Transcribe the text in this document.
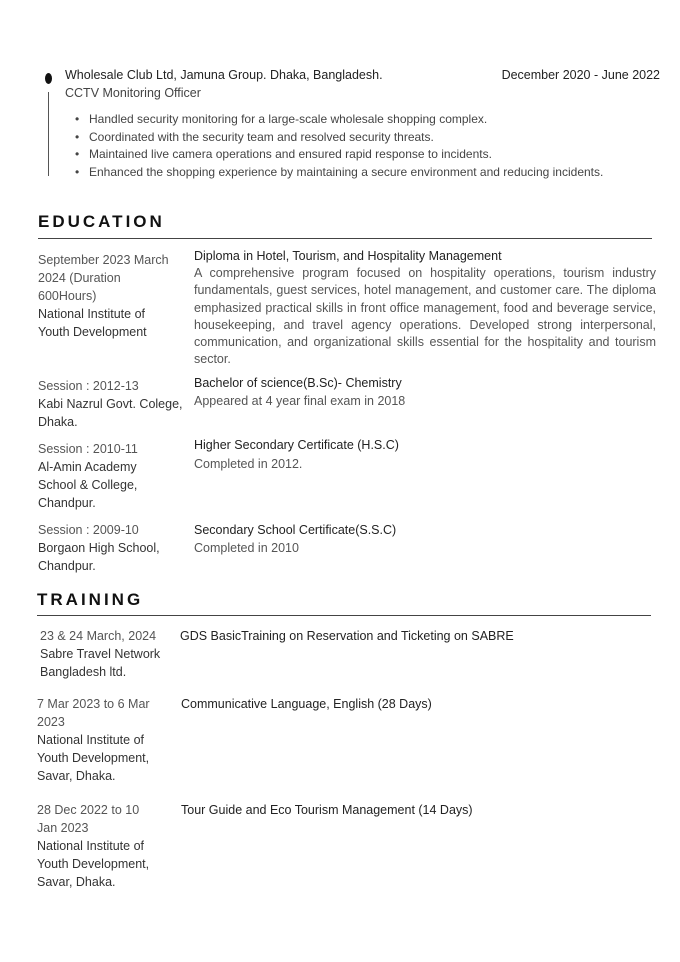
Wholesale Club Ltd, Jamuna Group. Dhaka, Bangladesh.	December 2020 - June 2022
CCTV Monitoring Officer
• Handled security monitoring for a large-scale wholesale shopping complex.
• Coordinated with the security team and resolved security threats.
• Maintained live camera operations and ensured rapid response to incidents.
• Enhanced the shopping experience by maintaining a secure environment and reducing incidents.
EDUCATION
September 2023 March
2024 (Duration
600Hours)
National Institute of
Youth Development
Diploma in Hotel, Tourism, and Hospitality Management
A comprehensive program focused on hospitality operations, tourism industry fundamentals, guest services, hotel management, and customer care. The diploma emphasized practical skills in front office management, food and beverage service, housekeeping, and travel agency operations. Developed strong interpersonal, communication, and organizational skills essential for the hospitality and tourism sector.
Session : 2012-13
Kabi Nazrul Govt. Colege,
Dhaka.
Bachelor of science(B.Sc)- Chemistry
Appeared at 4 year final exam in 2018
Session : 2010-11
Al-Amin Academy
School & College,
Chandpur.
Higher Secondary Certificate (H.S.C)
Completed in 2012.
Session : 2009-10
Borgaon High School,
Chandpur.
Secondary School Certificate(S.S.C)
Completed in 2010
TRAINING
23 & 24 March, 2024
Sabre Travel Network
Bangladesh ltd.
GDS BasicTraining on Reservation and Ticketing on SABRE
7 Mar 2023 to 6 Mar
2023
National Institute of
Youth Development,
Savar, Dhaka.
Communicative Language, English (28 Days)
28 Dec 2022 to 10
Jan 2023
National Institute of
Youth Development,
Savar, Dhaka.
Tour Guide and Eco Tourism Management (14 Days)
